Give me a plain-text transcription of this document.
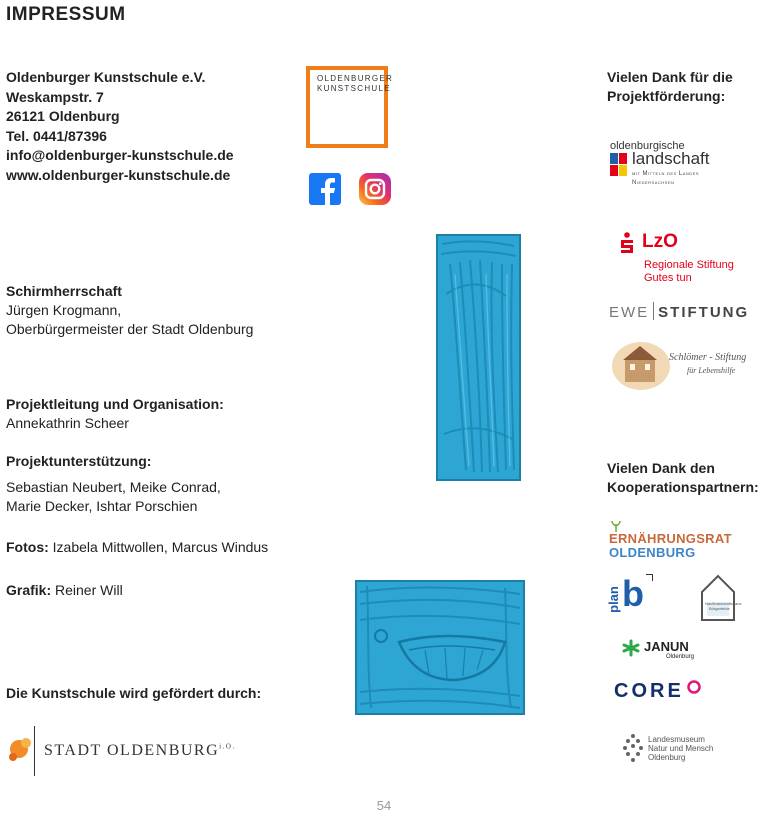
IMPRESSUM
Oldenburger Kunstschule e.V.
Weskampstr. 7
26121 Oldenburg
Tel. 0441/87396
info@oldenburger-kunstschule.de
www.oldenburger-kunstschule.de
OLDENBURGER
KUNSTSCHULE
Schirmherrschaft
Jürgen Krogmann,
Oberbürgermeister der Stadt Oldenburg
Projektleitung und Organisation:
Annekathrin Scheer
Projektunterstützung:
Sebastian Neubert, Meike Conrad,
Marie Decker, Ishtar Porschien
Fotos: Izabela Mittwollen, Marcus Windus
Grafik: Reiner Will
Die Kunstschule wird gefördert durch:
STADT $OLDENBURG^{i.O.}$
Vielen Dank für die
Projektförderung:
oldenburgische
landschaft
mit Mitteln des Landes
Niedersachsen
LzO
Regionale Stiftung
Gutes tun
EWE STIFTUNG
Schlömer - Stiftung
für Lebenshilfe
Vielen Dank den
Kooperationspartnern:
ERNÄHRUNGSRAT
OLDENBURG
plan b	Nachbarschaftshaus
Bürgerfelde
JANUN
Oldenburg
CORE
Landesmuseum
Natur und Mensch
Oldenburg
54
